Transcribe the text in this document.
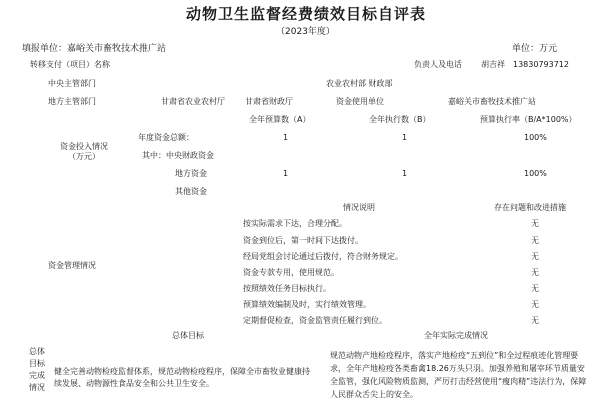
动物卫生监督经费绩效目标自评表
（2023年度）
填报单位：嘉峪关市畜牧技术推广站	单位：万元
转移支付（项目）名称	负责人及电话 胡吉祥 13830793712
中央主管部门	农业农村部 财政部
地方主管部门	甘肃省农业农村厅	甘肃省财政厅	资金使用单位	嘉峪关市畜牧技术推广站
全年预算数（A）	全年执行数（B）	预算执行率（B/A*100%）
资金投入情况
（万元）
年度资金总额：	1	1	100%
其中：中央财政资金
地方资金	1	1	100%
其他资金
情况说明	存在问题和改进措施
资金管理情况
按实际需求下达，合理分配。	无
资金到位后，第一时间下达拨付。	无
经局党组会讨论通过后拨付，符合财务规定。	无
资金专款专用，使用规范。	无
按照绩效任务目标执行。	无
预算绩效编制及时，实行绩效管理。	无
定期督促检查，资金监管责任履行到位。	无
总体目标	全年实际完成情况
总体
目标
完成
情况
健全完善动物检疫监督体系，规范动物检疫程序，保障全市畜牧业健康持续发展、动物源性食品安全和公共卫生安全。
规范动物产地检疫程序，落实产地检疫“五到位”和全过程痕迹化管理要求，全年产地检疫各类畜禽18.26万头只羽。加强养殖和屠宰环节质量安全监管，强化风险物质监测，严厉打击经营使用“瘦肉精”违法行为，保障人民群众舌尖上的安全。
